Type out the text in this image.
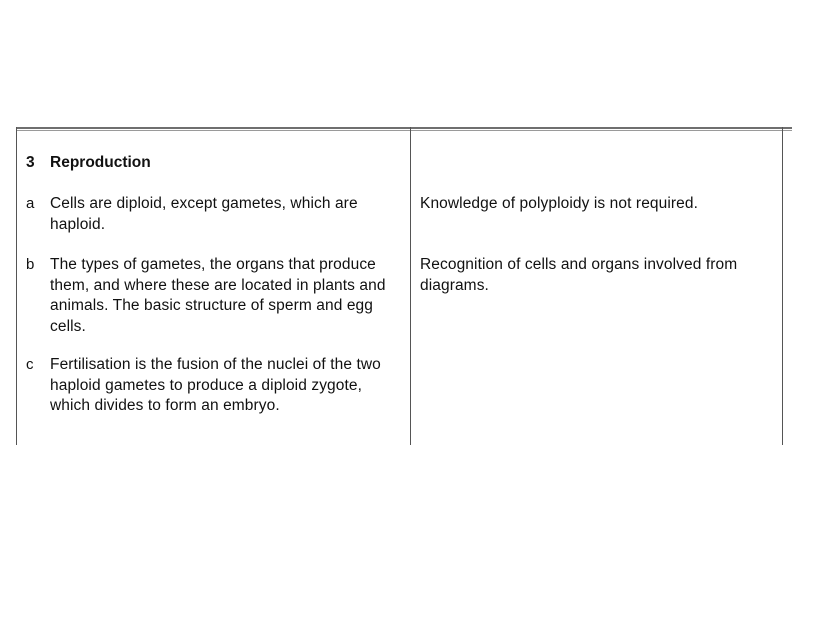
3 Reproduction
a Cells are diploid, except gametes, which are haploid.
Knowledge of polyploidy is not required.
b The types of gametes, the organs that produce them, and where these are located in plants and animals. The basic structure of sperm and egg cells.
Recognition of cells and organs involved from diagrams.
c Fertilisation is the fusion of the nuclei of the two haploid gametes to produce a diploid zygote, which divides to form an embryo.
